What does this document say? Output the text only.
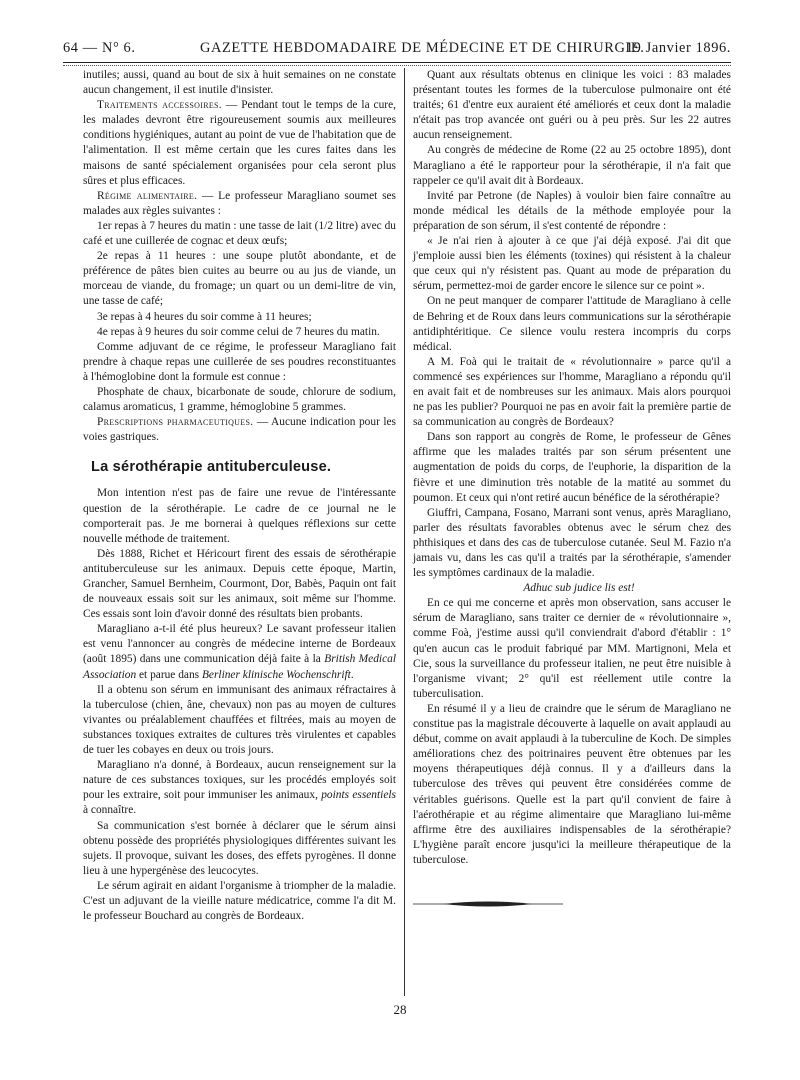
64 — N° 6.	GAZETTE HEBDOMADAIRE DE MÉDECINE ET DE CHIRURGIE.
19 Janvier 1896.

inutiles; aussi, quand au bout de six à huit semaines on ne constate aucun changement, il est inutile d'insister.

Traitements accessoires. — Pendant tout le temps de la cure, les malades devront être rigoureusement soumis aux meilleures conditions hygiéniques, autant au point de vue de l'habitation que de l'alimentation. Il est même certain que les cures faites dans les maisons de santé spécialement organisées pour cela seront plus sûres et plus efficaces.

Régime alimentaire. — Le professeur Maragliano soumet ses malades aux règles suivantes :

1er repas à 7 heures du matin : une tasse de lait (1/2 litre) avec du café et une cuillerée de cognac et deux œufs;

2e repas à 11 heures : une soupe plutôt abondante, et de préférence de pâtes bien cuites au beurre ou au jus de viande, un morceau de viande, du fromage; un quart ou un demi-litre de vin, une tasse de café;

3e repas à 4 heures du soir comme à 11 heures;

4e repas à 9 heures du soir comme celui de 7 heures du matin.

Comme adjuvant de ce régime, le professeur Maragliano fait prendre à chaque repas une cuillerée de ses poudres reconstituantes à l'hémoglobine dont la formule est connue :

Phosphate de chaux, bicarbonate de soude, chlorure de sodium, calamus aromaticus, 1 gramme, hémoglobine 5 grammes.

Prescriptions pharmaceutiques. — Aucune indication pour les voies gastriques.

La sérothérapie antituberculeuse.

Mon intention n'est pas de faire une revue de l'intéressante question de la sérothérapie. Le cadre de ce journal ne le comporterait pas. Je me bornerai à quelques réflexions sur cette nouvelle méthode de traitement.

Dès 1888, Richet et Héricourt firent des essais de sérothérapie antituberculeuse sur les animaux. Depuis cette époque, Martin, Grancher, Samuel Bernheim, Courmont, Dor, Babès, Paquin ont fait de nouveaux essais soit sur les animaux, soit même sur l'homme. Ces essais sont loin d'avoir donné des résultats bien probants.

Maragliano a-t-il été plus heureux? Le savant professeur italien est venu l'annoncer au congrès de médecine interne de Bordeaux (août 1895) dans une communication déjà faite à la British Medical Association et parue dans Berliner klinische Wochenschrift.

Il a obtenu son sérum en immunisant des animaux réfractaires à la tuberculose (chien, âne, chevaux) non pas au moyen de cultures vivantes ou préalablement chauffées et filtrées, mais au moyen de substances toxiques extraites de cultures très virulentes et capables de tuer les cobayes en deux ou trois jours.

Maragliano n'a donné, à Bordeaux, aucun renseignement sur la nature de ces substances toxiques, sur les procédés employés soit pour les extraire, soit pour immuniser les animaux, points essentiels à connaître.

Sa communication s'est bornée à déclarer que le sérum ainsi obtenu possède des propriétés physiologiques différentes suivant les sujets. Il provoque, suivant les doses, des effets pyrogènes. Il donne lieu à une hypergénèse des leucocytes.

Le sérum agirait en aidant l'organisme à triompher de la maladie. C'est un adjuvant de la vieille nature médicatrice, comme l'a dit M. le professeur Bouchard au congrès de Bordeaux.

Quant aux résultats obtenus en clinique les voici : 83 malades présentant toutes les formes de la tuberculose pulmonaire ont été traités; 61 d'entre eux auraient été améliorés et ceux dont la maladie n'était pas trop avancée ont guéri ou à peu près. Sur les 22 autres aucun renseignement.

Au congrès de médecine de Rome (22 au 25 octobre 1895), dont Maragliano a été le rapporteur pour la sérothérapie, il n'a fait que rappeler ce qu'il avait dit à Bordeaux.

Invité par Petrone (de Naples) à vouloir bien faire connaître au monde médical les détails de la méthode employée pour la préparation de son sérum, il s'est contenté de répondre :

« Je n'ai rien à ajouter à ce que j'ai déjà exposé. J'ai dit que j'emploie aussi bien les éléments (toxines) qui résistent à la chaleur que ceux qui n'y résistent pas. Quant au mode de préparation du sérum, permettez-moi de garder encore le silence sur ce point ».

On ne peut manquer de comparer l'attitude de Maragliano à celle de Behring et de Roux dans leurs communications sur la sérothérapie antidiphtéritique. Ce silence voulu restera incompris du corps médical.

A M. Foà qui le traitait de « révolutionnaire » parce qu'il a commencé ses expériences sur l'homme, Maragliano a répondu qu'il en avait fait et de nombreuses sur les animaux. Mais alors pourquoi ne pas les publier? Pourquoi ne pas en avoir fait la première partie de sa communication au congrès de Bordeaux?

Dans son rapport au congrès de Rome, le professeur de Gênes affirme que les malades traités par son sérum présentent une augmentation de poids du corps, de l'euphorie, la disparition de la fièvre et une diminution très notable de la matité au sommet du poumon. Et ceux qui n'ont retiré aucun bénéfice de la sérothérapie?

Giuffri, Campana, Fosano, Marrani sont venus, après Maragliano, parler des résultats favorables obtenus avec le sérum chez des phthisiques et dans des cas de tuberculose cutanée. Seul M. Fazio n'a jamais vu, dans les cas qu'il a traités par la sérothérapie, s'amender les symptômes cardinaux de la maladie.

Adhuc sub judice lis est!

En ce qui me concerne et après mon observation, sans accuser le sérum de Maragliano, sans traiter ce dernier de « révolutionnaire », comme Foà, j'estime aussi qu'il conviendrait d'abord d'établir : 1° qu'en aucun cas le produit fabriqué par MM. Martignoni, Mela et Cie, sous la surveillance du professeur italien, ne peut être nuisible à l'organisme vivant; 2° qu'il est réellement utile contre la tuberculisation.

En résumé il y a lieu de craindre que le sérum de Maragliano ne constitue pas la magistrale découverte à laquelle on avait applaudi au début, comme on avait applaudi à la tuberculine de Koch. De simples améliorations chez des poitrinaires peuvent être obtenues par les moyens thérapeutiques déjà connus. Il y a d'ailleurs dans la tuberculose des trêves qui peuvent être considérées comme de véritables guérisons. Quelle est la part qu'il convient de faire à l'aérothérapie et au régime alimentaire que Maragliano lui-même affirme être des auxiliaires indispensables de la sérothérapie? L'hygiène paraît encore jusqu'ici la meilleure thérapeutique de la tuberculose.

28
